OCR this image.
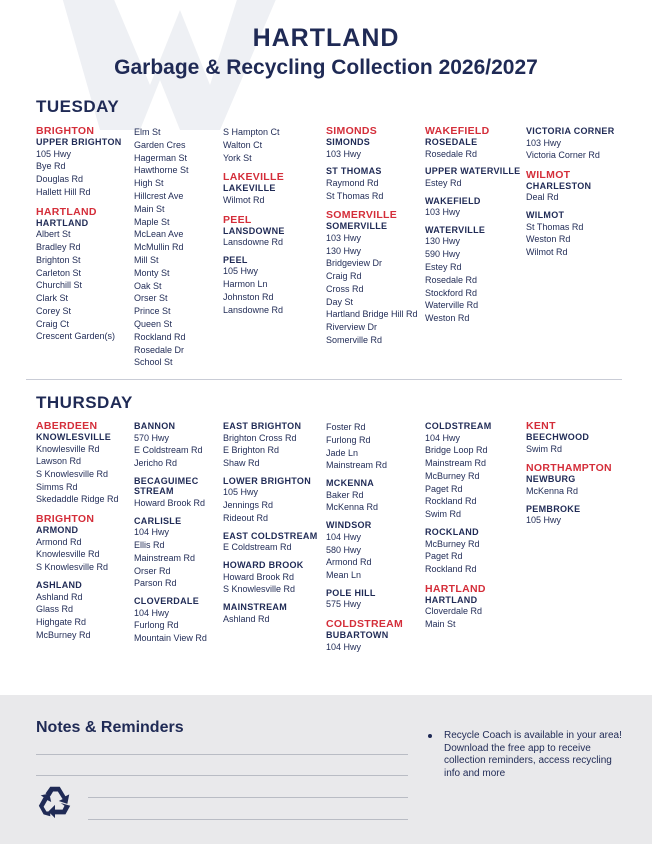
HARTLAND
Garbage & Recycling Collection 2026/2027
TUESDAY
BRIGHTON
UPPER BRIGHTON
105 Hwy
Bye Rd
Douglas Rd
Hallett Hill Rd
HARTLAND
HARTLAND
Albert St
Bradley Rd
Brighton St
Carleton St
Churchill St
Clark St
Corey St
Craig Ct
Crescent Garden(s)
Elm St
Garden Cres
Hagerman St
Hawthorne St
High St
Hillcrest Ave
Main St
Maple St
McLean Ave
McMullin Rd
Mill St
Monty St
Oak St
Orser St
Prince St
Queen St
Rockland Rd
Rosedale Dr
School St
S Hampton Ct
Walton Ct
York St
LAKEVILLE
LAKEVILLE
Wilmot Rd
PEEL
LANSDOWNE
Lansdowne Rd
PEEL
105 Hwy
Harmon Ln
Johnston Rd
Lansdowne Rd
SIMONDS
SIMONDS
103 Hwy
ST THOMAS
Raymond Rd
St Thomas Rd
SOMERVILLE
SOMERVILLE
103 Hwy
130 Hwy
Bridgeview Dr
Craig Rd
Cross Rd
Day St
Hartland Bridge Hill Rd
Riverview Dr
Somerville Rd
WAKEFIELD
ROSEDALE
Rosedale Rd
UPPER WATERVILLE
Estey Rd
WAKEFIELD
103 Hwy
WATERVILLE
130 Hwy
590 Hwy
Estey Rd
Rosedale Rd
Stockford Rd
Waterville Rd
Weston Rd
VICTORIA CORNER
103 Hwy
Victoria Corner Rd
WILMOT
CHARLESTON
Deal Rd
WILMOT
St Thomas Rd
Weston Rd
Wilmot Rd
THURSDAY
ABERDEEN
KNOWLESVILLE
Knowlesville Rd
Lawson Rd
S Knowlesville Rd
Simms Rd
Skedaddle Ridge Rd
BRIGHTON
ARMOND
Armond Rd
Knowlesville Rd
S Knowlesville Rd
ASHLAND
Ashland Rd
Glass Rd
Highgate Rd
McBurney Rd
BANNON
570 Hwy
E Coldstream Rd
Jericho Rd
BECAGUIMEC STREAM
Howard Brook Rd
CARLISLE
104 Hwy
Ellis Rd
Mainstream Rd
Orser Rd
Parson Rd
CLOVERDALE
104 Hwy
Furlong Rd
Mountain View Rd
EAST BRIGHTON
Brighton Cross Rd
E Brighton Rd
Shaw Rd
LOWER BRIGHTON
105 Hwy
Jennings Rd
Rideout Rd
EAST COLDSTREAM
E Coldstream Rd
HOWARD BROOK
Howard Brook Rd
S Knowlesville Rd
MAINSTREAM
Ashland Rd
Foster Rd
Furlong Rd
Jade Ln
Mainstream Rd
MCKENNA
Baker Rd
McKenna Rd
WINDSOR
104 Hwy
580 Hwy
Armond Rd
Mean Ln
POLE HILL
575 Hwy
COLDSTREAM
BUBARTOWN
104 Hwy
COLDSTREAM
104 Hwy
Bridge Loop Rd
Mainstream Rd
McBurney Rd
Paget Rd
Rockland Rd
Swim Rd
ROCKLAND
McBurney Rd
Paget Rd
Rockland Rd
HARTLAND
HARTLAND
Cloverdale Rd
Main St
KENT
BEECHWOOD
Swim Rd
NORTHAMPTON
NEWBURG
McKenna Rd
PEMBROKE
105 Hwy
Notes & Reminders	Recycle Coach is available in your area! Download the free app to receive collection reminders, access recycling info and more
